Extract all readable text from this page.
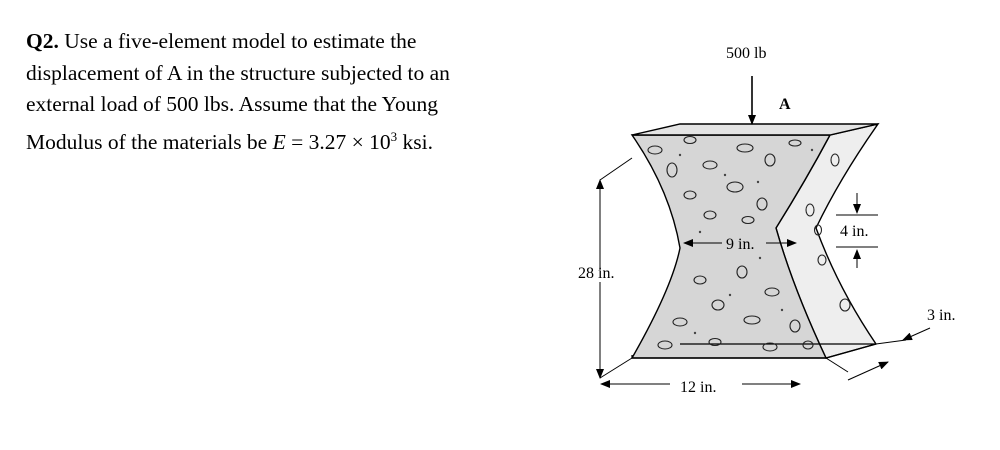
Q2. Use a five-element model to estimate the
displacement of A in the structure subjected to an
external load of 500 lbs. Assume that the Young
Modulus of the materials be $E = 3.27 \times 10^3$ ksi.
500 lb
A
28 in.
9 in.
4 in.
12 in.
3 in.
